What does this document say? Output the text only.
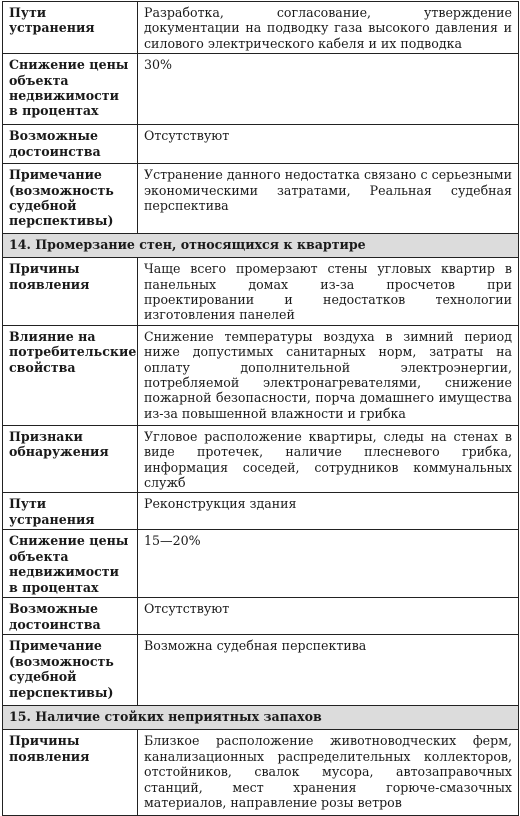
Пути устранения	Разработка, согласование, утверждение документации на подводку газа высокого давления и силового электрического кабеля и их подводка
Снижение цены объекта недвижимости в процентах	30%
Возможные достоинства	Отсутствуют
Примечание (возможность судебной перспективы)	Устранение данного недостатка связано с серьезными экономическими затратами, Реальная судебная перспектива
14. Промерзание стен, относящихся к квартире	
Причины появления	Чаще всего промерзают стены угловых квартир в панельных домах из-за просчетов при проектировании и недостатков технологии изготовления панелей
Влияние на потребительские свойства	Снижение температуры воздуха в зимний период ниже допустимых санитарных норм, затраты на оплату дополнительной электроэнергии, потребляемой электронагревателями, снижение пожарной безопасности, порча домашнего имущества из-за повышенной влажности и грибка
Признаки обнаружения	Угловое расположение квартиры, следы на стенах в виде протечек, наличие плесневого грибка, информация соседей, сотрудников коммунальных служб
Пути устранения	Реконструкция здания
Снижение цены объекта недвижимости в процентах	15—20%
Возможные достоинства	Отсутствуют
Примечание (возможность судебной перспективы)	Возможна судебная перспектива
15. Наличие стойких неприятных запахов	
Причины появления	Близкое расположение животноводческих ферм, канализационных распределительных коллекторов, отстойников, свалок мусора, автозаправочных станций, мест хранения горюче-смазочных материалов, направление розы ветров
